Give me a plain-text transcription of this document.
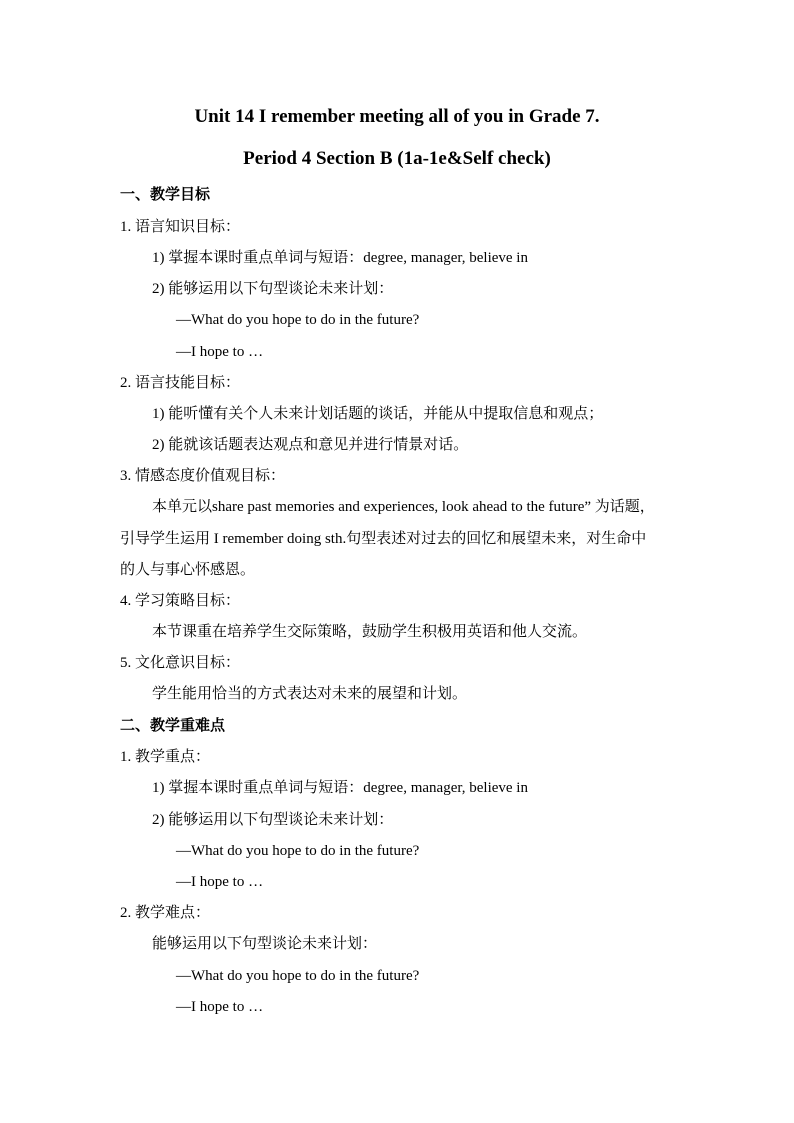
Unit 14 I remember meeting all of you in Grade 7.
Period 4 Section B (1a-1e&Self check)
一、教学目标
1. 语言知识目标：
1) 掌握本课时重点单词与短语：degree, manager, believe in
2) 能够运用以下句型谈论未来计划：
—What do you hope to do in the future?
—I hope to …
2. 语言技能目标：
1) 能听懂有关个人未来计划话题的谈话，并能从中提取信息和观点；
2) 能就该话题表达观点和意见并进行情景对话。
3. 情感态度价值观目标：
本单元以share past memories and experiences, look ahead to the future” 为话题，
引导学生运用 I remember doing sth.句型表述对过去的回忆和展望未来，对生命中
的人与事心怀感恩。
4. 学习策略目标：
本节课重在培养学生交际策略，鼓励学生积极用英语和他人交流。
5. 文化意识目标：
学生能用恰当的方式表达对未来的展望和计划。
二、教学重难点
1. 教学重点：
1) 掌握本课时重点单词与短语：degree, manager, believe in
2) 能够运用以下句型谈论未来计划：
—What do you hope to do in the future?
—I hope to …
2. 教学难点：
能够运用以下句型谈论未来计划：
—What do you hope to do in the future?
—I hope to …
